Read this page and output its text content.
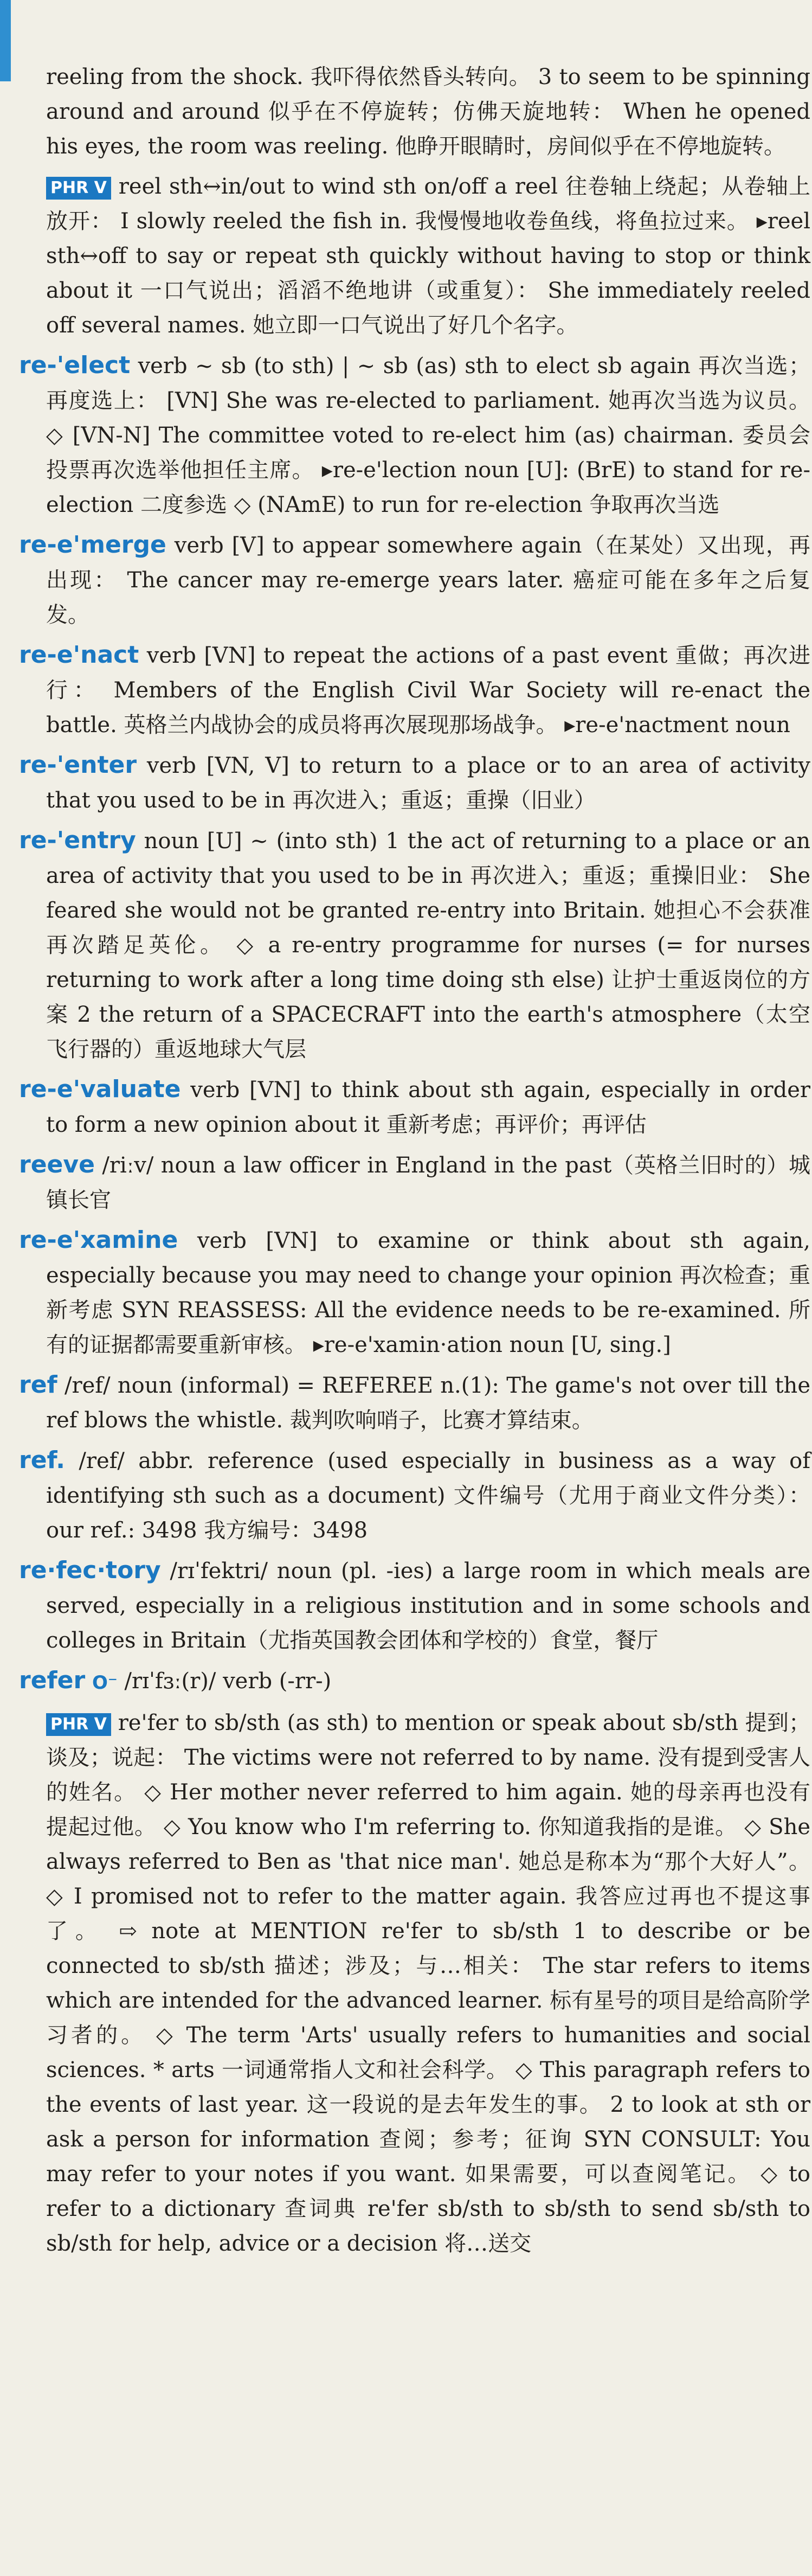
reeling from the shock. 我吓得依然昏头转向。 3 to seem to be spinning around and around 似乎在不停旋转；仿佛天旋地转： When he opened his eyes, the room was reeling. 他睁开眼睛时，房间似乎在不停地旋转。

PHR V reel sth↔in/out to wind sth on/off a reel 往卷轴上绕起；从卷轴上放开： I slowly reeled the fish in. 我慢慢地收卷鱼线，将鱼拉过来。 ▸reel sth↔off to say or repeat sth quickly without having to stop or think about it 一口气说出；滔滔不绝地讲（或重复）： She immediately reeled off several names. 她立即一口气说出了好几个名字。

re-'elect verb ~ sb (to sth) | ~ sb (as) sth to elect sb again 再次当选；再度选上： [VN] She was re-elected to parliament. 她再次当选为议员。 ◇ [VN-N] The committee voted to re-elect him (as) chairman. 委员会投票再次选举他担任主席。 ▸re-e'lection noun [U]: (BrE) to stand for re-election 二度参选 ◇ (NAmE) to run for re-election 争取再次当选

re-e'merge verb [V] to appear somewhere again（在某处）又出现，再出现： The cancer may re-emerge years later. 癌症可能在多年之后复发。

re-e'nact verb [VN] to repeat the actions of a past event 重做；再次进行： Members of the English Civil War Society will re-enact the battle. 英格兰内战协会的成员将再次展现那场战争。 ▸re-e'nactment noun

re-'enter verb [VN, V] to return to a place or to an area of activity that you used to be in 再次进入；重返；重操（旧业）

re-'entry noun [U] ~ (into sth) 1 the act of returning to a place or an area of activity that you used to be in 再次进入；重返；重操旧业： She feared she would not be granted re-entry into Britain. 她担心不会获准再次踏足英伦。 ◇ a re-entry programme for nurses (= for nurses returning to work after a long time doing sth else) 让护士重返岗位的方案 2 the return of a SPACECRAFT into the earth's atmosphere（太空飞行器的）重返地球大气层

re-e'valuate verb [VN] to think about sth again, especially in order to form a new opinion about it 重新考虑；再评价；再评估

reeve /riːv/ noun a law officer in England in the past（英格兰旧时的）城镇长官

re-e'xamine verb [VN] to examine or think about sth again, especially because you may need to change your opinion 再次检查；重新考虑 SYN REASSESS: All the evidence needs to be re-examined. 所有的证据都需要重新审核。 ▸re-e'xamin·ation noun [U, sing.]

ref /ref/ noun (informal) = REFEREE n.(1): The game's not over till the ref blows the whistle. 裁判吹响哨子，比赛才算结束。

ref. /ref/ abbr. reference (used especially in business as a way of identifying sth such as a document) 文件编号（尤用于商业文件分类）： our ref.: 3498 我方编号：3498

re·fec·tory /rɪˈfektri/ noun (pl. -ies) a large room in which meals are served, especially in a religious institution and in some schools and colleges in Britain（尤指英国教会团体和学校的）食堂，餐厅

refer O⁻ /rɪˈfɜː(r)/ verb (-rr-)

PHR V re'fer to sb/sth (as sth) to mention or speak about sb/sth 提到；谈及；说起： The victims were not referred to by name. 没有提到受害人的姓名。 ◇ Her mother never referred to him again. 她的母亲再也没有提起过他。 ◇ You know who I'm referring to. 你知道我指的是谁。 ◇ She always referred to Ben as 'that nice man'. 她总是称本为“那个大好人”。 ◇ I promised not to refer to the matter again. 我答应过再也不提这事了。 ⇨ note at MENTION re'fer to sb/sth 1 to describe or be connected to sb/sth 描述；涉及；与…相关： The star refers to items which are intended for the advanced learner. 标有星号的项目是给高阶学习者的。 ◇ The term 'Arts' usually refers to humanities and social sciences. * arts 一词通常指人文和社会科学。 ◇ This paragraph refers to the events of last year. 这一段说的是去年发生的事。 2 to look at sth or ask a person for information 查阅；参考；征询 SYN CONSULT: You may refer to your notes if you want. 如果需要，可以查阅笔记。 ◇ to refer to a dictionary 查词典 re'fer sb/sth to sb/sth to send sb/sth to sb/sth for help, advice or a decision 将…送交
